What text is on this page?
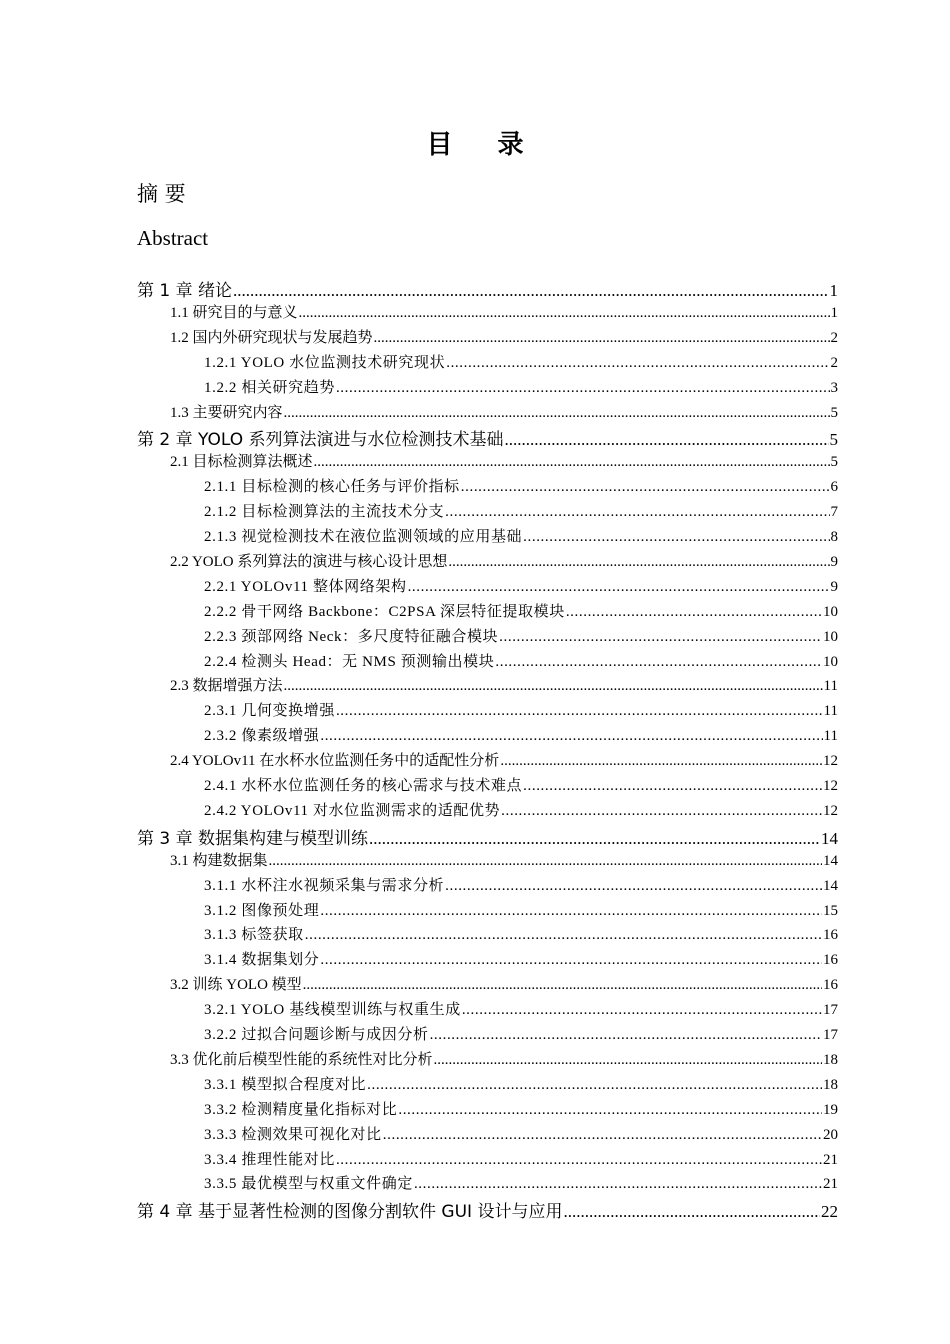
目 录
摘 要
Abstract
第 1 章 绪论 .....	1
1.1 研究目的与意义 .....	1
1.2 国内外研究现状与发展趋势 .....	2
1.2.1 YOLO 水位监测技术研究现状 .....	2
1.2.2 相关研究趋势 .....	3
1.3 主要研究内容 .....	5
第 2 章 YOLO 系列算法演进与水位检测技术基础 .....	5
2.1 目标检测算法概述 .....	5
2.1.1 目标检测的核心任务与评价指标 .....	6
2.1.2 目标检测算法的主流技术分支 .....	7
2.1.3 视觉检测技术在液位监测领域的应用基础 .....	8
2.2 YOLO 系列算法的演进与核心设计思想 .....	9
2.2.1 YOLOv11 整体网络架构 .....	9
2.2.2 骨干网络 Backbone：C2PSA 深层特征提取模块 .....	10
2.2.3 颈部网络 Neck：多尺度特征融合模块 .....	10
2.2.4 检测头 Head：无 NMS 预测输出模块 .....	10
2.3 数据增强方法 .....	11
2.3.1 几何变换增强 .....	11
2.3.2 像素级增强 .....	11
2.4 YOLOv11 在水杯水位监测任务中的适配性分析 .....	12
2.4.1 水杯水位监测任务的核心需求与技术难点 .....	12
2.4.2 YOLOv11 对水位监测需求的适配优势 .....	12
第 3 章 数据集构建与模型训练 .....	14
3.1 构建数据集 .....	14
3.1.1 水杯注水视频采集与需求分析 .....	14
3.1.2 图像预处理 .....	15
3.1.3 标签获取 .....	16
3.1.4 数据集划分 .....	16
3.2 训练 YOLO 模型 .....	16
3.2.1 YOLO 基线模型训练与权重生成 .....	17
3.2.2 过拟合问题诊断与成因分析 .....	17
3.3 优化前后模型性能的系统性对比分析 .....	18
3.3.1 模型拟合程度对比 .....	18
3.3.2 检测精度量化指标对比 .....	19
3.3.3 检测效果可视化对比 .....	20
3.3.4 推理性能对比 .....	21
3.3.5 最优模型与权重文件确定 .....	21
第 4 章 基于显著性检测的图像分割软件 GUI 设计与应用 .....	22
